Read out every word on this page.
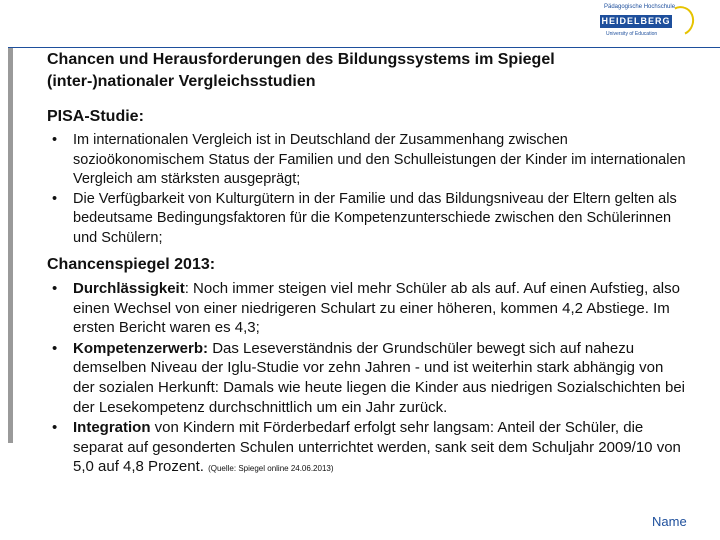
Pädagogische Hochschule
HEIDELBERG
University of Education
Chancen und Herausforderungen des Bildungssystems im Spiegel (inter-)nationaler Vergleichsstudien
PISA-Studie:
• Im internationalen Vergleich ist in Deutschland der Zusammenhang zwischen sozioökonomischem Status der Familien und den Schulleistungen der Kinder im internationalen Vergleich am stärksten ausgeprägt;
• Die Verfügbarkeit von Kulturgütern in der Familie und das Bildungsniveau der Eltern gelten als bedeutsame Bedingungsfaktoren für die Kompetenzunterschiede zwischen den Schülerinnen und Schülern;
Chancenspiegel 2013:
• Durchlässigkeit: Noch immer steigen viel mehr Schüler ab als auf. Auf einen Aufstieg, also einen Wechsel von einer niedrigeren Schulart zu einer höheren, kommen 4,2 Abstiege. Im ersten Bericht waren es 4,3;
• Kompetenzerwerb: Das Leseverständnis der Grundschüler bewegt sich auf nahezu demselben Niveau der Iglu-Studie vor zehn Jahren - und ist weiterhin stark abhängig von der sozialen Herkunft: Damals wie heute liegen die Kinder aus niedrigen Sozialschichten bei der Lesekompetenz durchschnittlich um ein Jahr zurück.
• Integration von Kindern mit Förderbedarf erfolgt sehr langsam: Anteil der Schüler, die separat auf gesonderten Schulen unterrichtet werden, sank seit dem Schuljahr 2009/10 von 5,0 auf 4,8 Prozent. (Quelle: Spiegel online 24.06.2013)
Name
